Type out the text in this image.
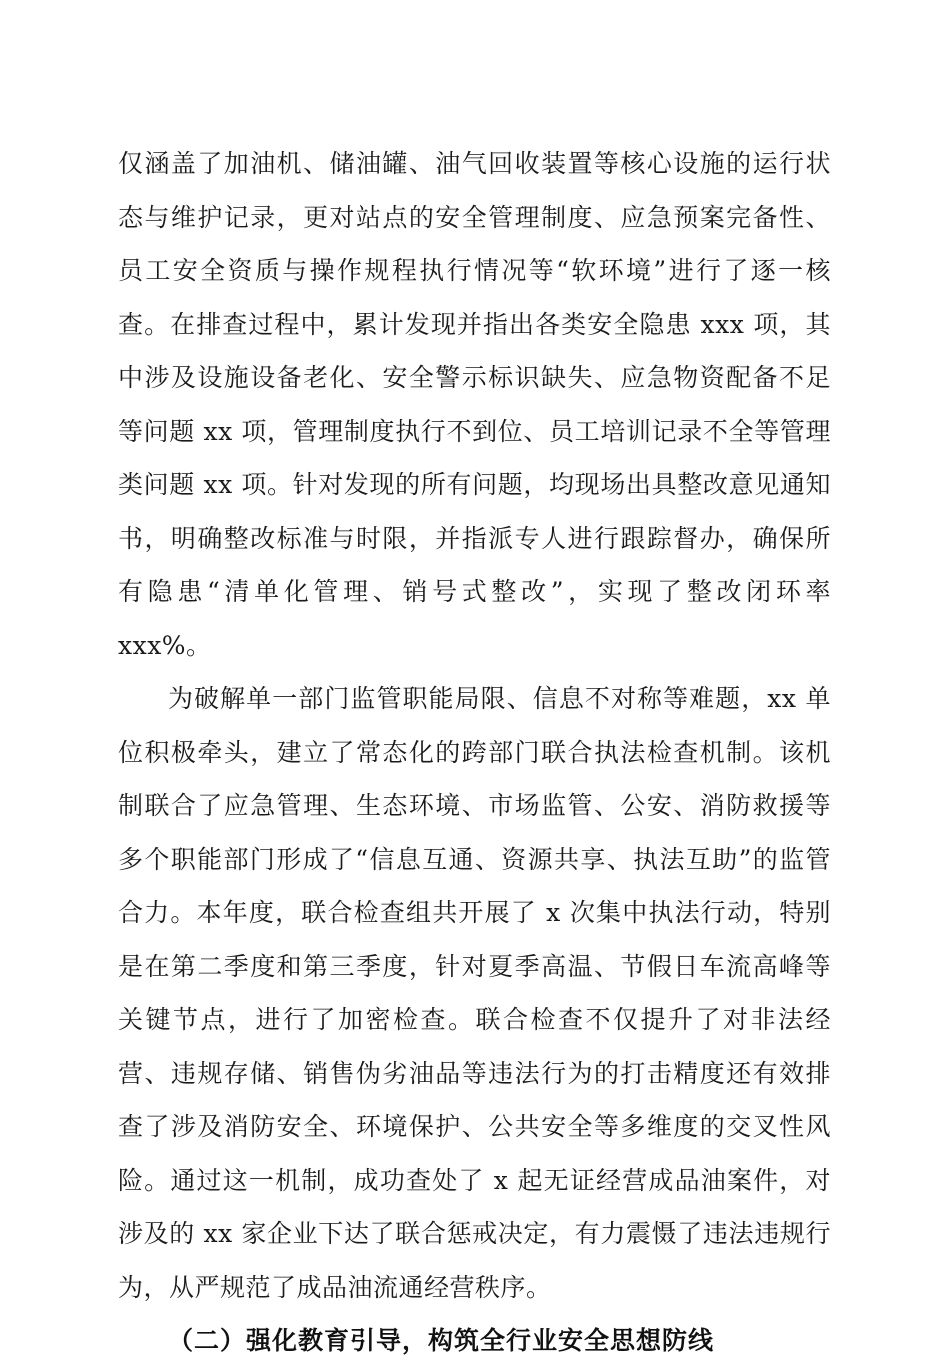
仅涵盖了加油机、储油罐、油气回收装置等核心设施的运行状态与维护记录，更对站点的安全管理制度、应急预案完备性、员工安全资质与操作规程执行情况等“软环境”进行了逐一核查。在排查过程中，累计发现并指出各类安全隐患 xxx 项，其中涉及设施设备老化、安全警示标识缺失、应急物资配备不足等问题 xx 项，管理制度执行不到位、员工培训记录不全等管理类问题 xx 项。针对发现的所有问题，均现场出具整改意见通知书，明确整改标准与时限，并指派专人进行跟踪督办，确保所有隐患“清单化管理、销号式整改”，实现了整改闭环率 xxx%。

为破解单一部门监管职能局限、信息不对称等难题，xx 单位积极牵头，建立了常态化的跨部门联合执法检查机制。该机制联合了应急管理、生态环境、市场监管、公安、消防救援等多个职能部门形成了“信息互通、资源共享、执法互助”的监管合力。本年度，联合检查组共开展了 x 次集中执法行动，特别是在第二季度和第三季度，针对夏季高温、节假日车流高峰等关键节点，进行了加密检查。联合检查不仅提升了对非法经营、违规存储、销售伪劣油品等违法行为的打击精度还有效排查了涉及消防安全、环境保护、公共安全等多维度的交叉性风险。通过这一机制，成功查处了 x 起无证经营成品油案件，对涉及的 xx 家企业下达了联合惩戒决定，有力震慑了违法违规行为，从严规范了成品油流通经营秩序。

（二）强化教育引导，构筑全行业安全思想防线
